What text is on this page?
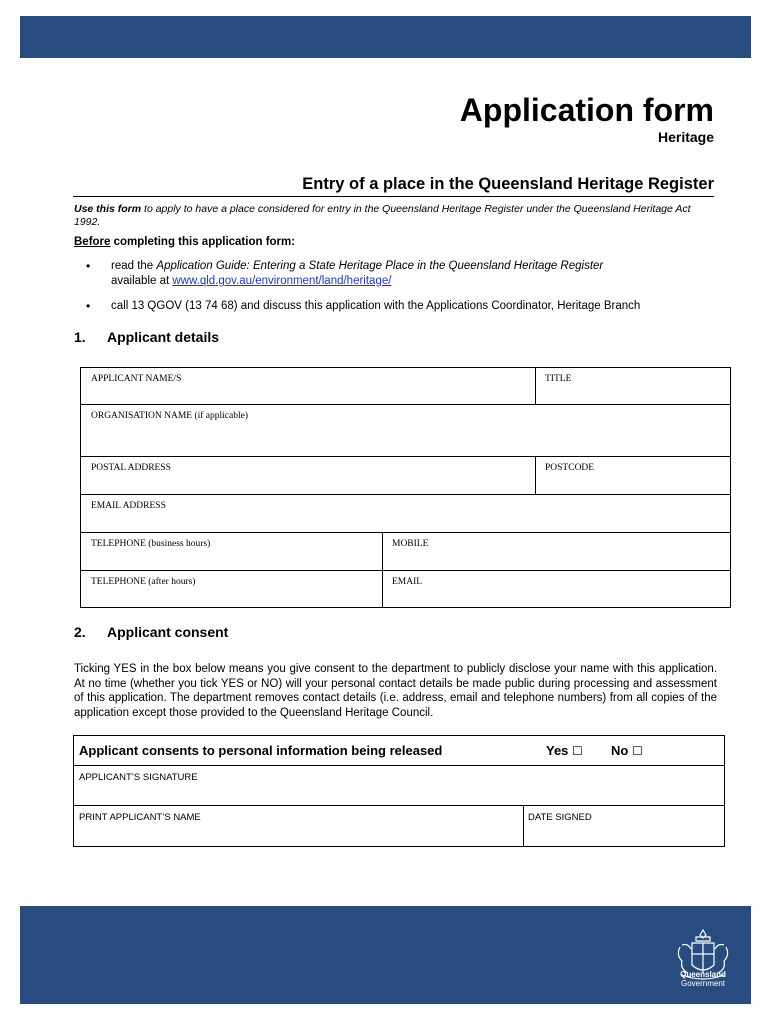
Application form
Heritage
Entry of a place in the Queensland Heritage Register
Use this form to apply to have a place considered for entry in the Queensland Heritage Register under the Queensland Heritage Act 1992.
Before completing this application form:
• read the Application Guide: Entering a State Heritage Place in the Queensland Heritage Register
available at www.qld.gov.au/environment/land/heritage/
• call 13 QGOV (13 74 68) and discuss this application with the Applications Coordinator, Heritage Branch
1. Applicant details
APPLICANT NAME/S	TITLE
ORGANISATION NAME (if applicable)
POSTAL ADDRESS	POSTCODE
EMAIL ADDRESS
TELEPHONE (business hours)	MOBILE
TELEPHONE (after hours)	EMAIL
2. Applicant consent

Ticking YES in the box below means you give consent to the department to publicly disclose your name with this application. At no time (whether you tick YES or NO) will your personal contact details be made public during processing and assessment of this application. The department removes contact details (i.e. address, email and telephone numbers) from all copies of the application except those provided to the Queensland Heritage Council.

Applicant consents to personal information being released	Yes ☐ No ☐
APPLICANT’S SIGNATURE
PRINT APPLICANT’S NAME	DATE SIGNED
Queensland
Government
